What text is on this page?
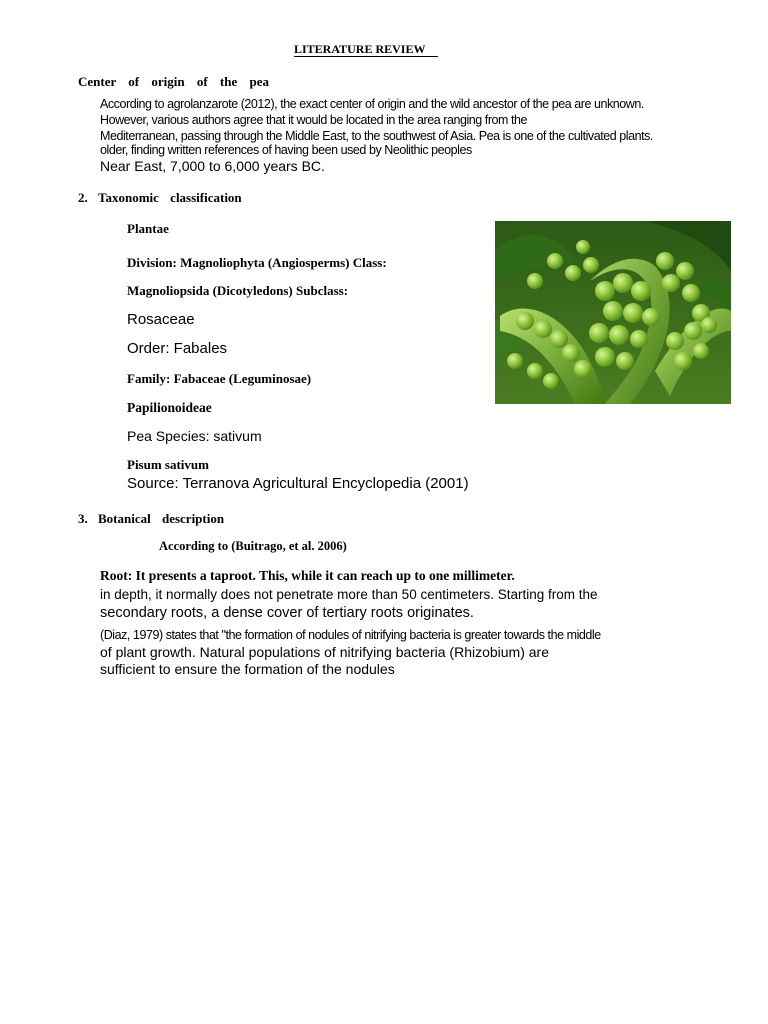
LITERATURE REVIEW
Center of origin of the pea
According to agrolanzarote (2012), the exact center of origin and the wild ancestor of the pea are unknown.
However, various authors agree that it would be located in the area ranging from the
Mediterranean, passing through the Middle East, to the southwest of Asia. Pea is one of the cultivated plants.
older, finding written references of having been used by Neolithic peoples
Near East, 7,000 to 6,000 years BC.
2. Taxonomic classification
Plantae
Division: Magnoliophyta (Angiosperms) Class:
Magnoliopsida (Dicotyledons) Subclass:
Rosaceae
Order: Fabales
Family: Fabaceae (Leguminosae)
Papilionoideae
Pea Species: sativum
Pisum sativum
Source: Terranova Agricultural Encyclopedia (2001)
3. Botanical description
According to (Buitrago, et al. 2006)
Root: It presents a taproot. This, while it can reach up to one millimeter.
in depth, it normally does not penetrate more than 50 centimeters. Starting from the
secondary roots, a dense cover of tertiary roots originates.
(Diaz, 1979) states that "the formation of nodules of nitrifying bacteria is greater towards the middle
of plant growth. Natural populations of nitrifying bacteria (Rhizobium) are
sufficient to ensure the formation of the nodules
